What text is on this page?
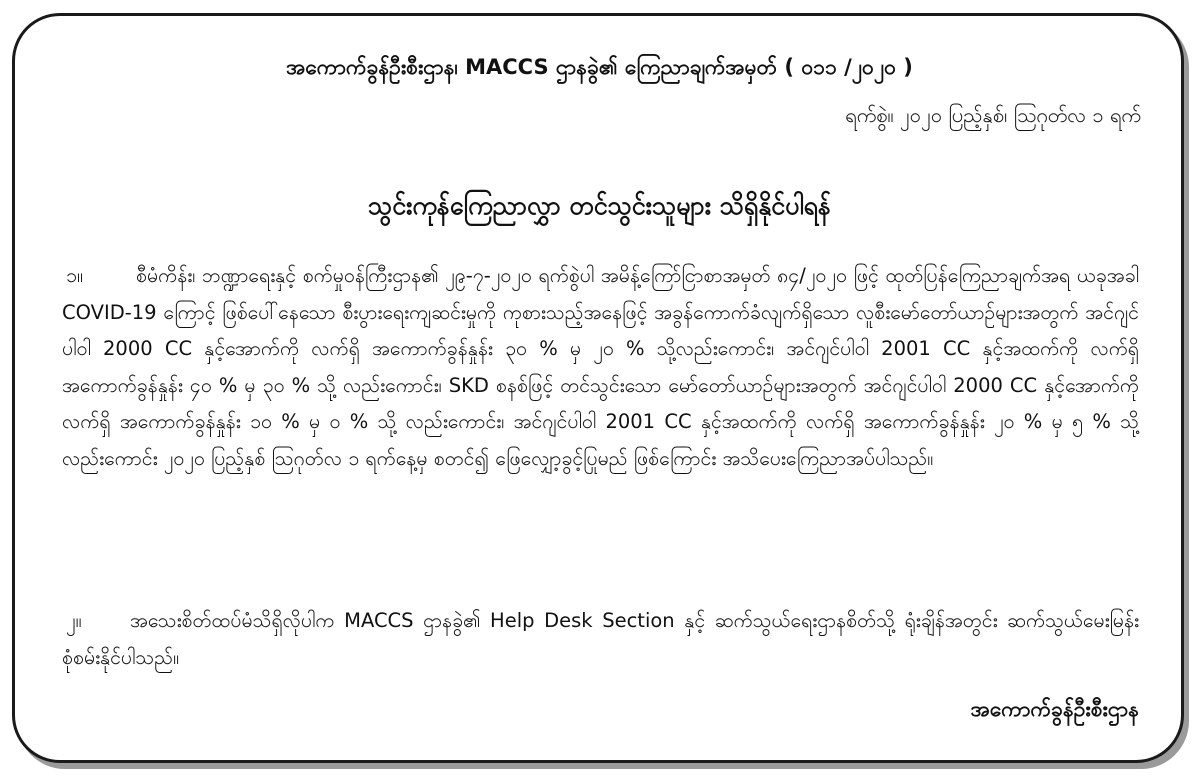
အကောက်ခွန်ဦးစီးဌာန၊ MACCS ဌာနခွဲ၏ ကြေညာချက်အမှတ် ( ၀၁၁ /၂၀၂၀ )
ရက်စွဲ။ ၂၀၂၀ ပြည့်နှစ်၊ ဩဂုတ်လ ၁ ရက်
သွင်းကုန်ကြေညာလွှာ တင်သွင်းသူများ သိရှိနိုင်ပါရန်
၁။	စီမံကိန်း၊ ဘဏ္ဍာရေးနှင့် စက်မှုဝန်ကြီးဌာန၏ ၂၉-၇-၂၀၂၀ ရက်စွဲပါ အမိန့်ကြော်ငြာစာအမှတ် ၈၄/၂၀၂၀ ဖြင့် ထုတ်ပြန်ကြေညာချက်အရ ယခုအခါ COVID-19 ကြောင့် ဖြစ်ပေါ်နေသော စီးပွားရေးကျဆင်းမှုကို ကုစားသည့်အနေဖြင့် အခွန်ကောက်ခံလျက်ရှိသော လူစီးမော်တော်ယာဉ်များအတွက် အင်ဂျင်ပါဝါ 2000 CC နှင့်အောက်ကို လက်ရှိ အကောက်ခွန်နှုန်း ၃၀ % မှ ၂၀ % သို့လည်းကောင်း၊ အင်ဂျင်ပါဝါ 2001 CC နှင့်အထက်ကို လက်ရှိ အကောက်ခွန်နှုန်း ၄၀ % မှ ၃၀ % သို့ လည်းကောင်း၊ SKD စနစ်ဖြင့် တင်သွင်းသော မော်တော်ယာဉ်များအတွက် အင်ဂျင်ပါဝါ 2000 CC နှင့်အောက်ကို လက်ရှိ အကောက်ခွန်နှုန်း ၁၀ % မှ ၀ % သို့ လည်းကောင်း၊ အင်ဂျင်ပါဝါ 2001 CC နှင့်အထက်ကို လက်ရှိ အကောက်ခွန်နှုန်း ၂၀ % မှ ၅ % သို့ လည်းကောင်း ၂၀၂၀ ပြည့်နှစ် ဩဂုတ်လ ၁ ရက်နေ့မှ စတင်၍ ဖြေလျှော့ခွင့်ပြုမည် ဖြစ်ကြောင်း အသိပေးကြေညာအပ်ပါသည်။
၂။ အသေးစိတ်ထပ်မံသိရှိလိုပါက MACCS ဌာနခွဲ၏ Help Desk Section နှင့် ဆက်သွယ်ရေးဌာနစိတ်သို့ ရုံးချိန်အတွင်း ဆက်သွယ်မေးမြန်း စုံစမ်းနိုင်ပါသည်။
အကောက်ခွန်ဦးစီးဌာန
